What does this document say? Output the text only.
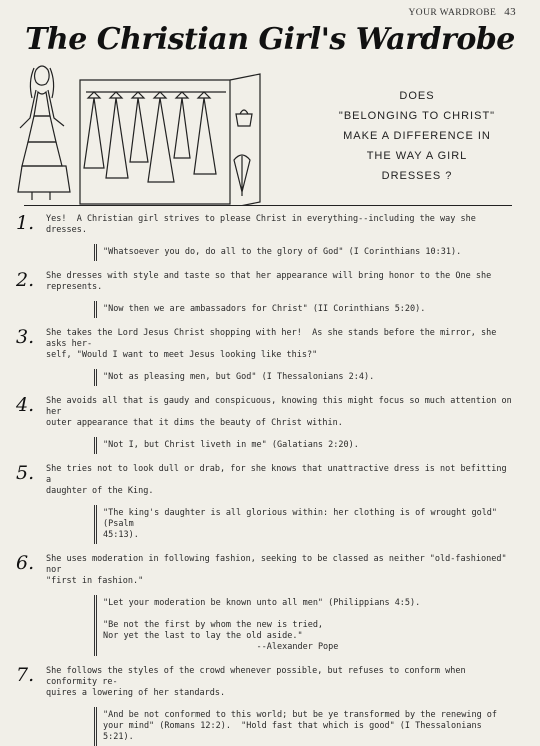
YOUR WARDROBE 43
The Christian Girl's Wardrobe
DOES
"BELONGING TO CHRIST"
MAKE A DIFFERENCE IN
THE WAY A GIRL
DRESSES ?
1. Yes!  A Christian girl strives to please Christ in everything--including the way she dresses.
"Whatsoever you do, do all to the glory of God" (I Corinthians 10:31).
2. She dresses with style and taste so that her appearance will bring honor to the One she represents.
"Now then we are ambassadors for Christ" (II Corinthians 5:20).
3. She takes the Lord Jesus Christ shopping with her!  As she stands before the mirror, she asks her-
self, "Would I want to meet Jesus looking like this?"
"Not as pleasing men, but God" (I Thessalonians 2:4).
4. She avoids all that is gaudy and conspicuous, knowing this might focus so much attention on her
outer appearance that it dims the beauty of Christ within.
"Not I, but Christ liveth in me" (Galatians 2:20).
5. She tries not to look dull or drab, for she knows that unattractive dress is not befitting a
daughter of the King.
"The king's daughter is all glorious within: her clothing is of wrought gold" (Psalm
45:13).
6. She uses moderation in following fashion, seeking to be classed as neither "old-fashioned" nor
"first in fashion."
"Let your moderation be known unto all men" (Philippians 4:5).

"Be not the first by whom the new is tried,
Nor yet the last to lay the old aside."
--Alexander Pope
7. She follows the styles of the crowd whenever possible, but refuses to conform when conformity re-
quires a lowering of her standards.
"And be not conformed to this world; but be ye transformed by the renewing of
your mind" (Romans 12:2).  "Hold fast that which is good" (I Thessalonians 5:21).
